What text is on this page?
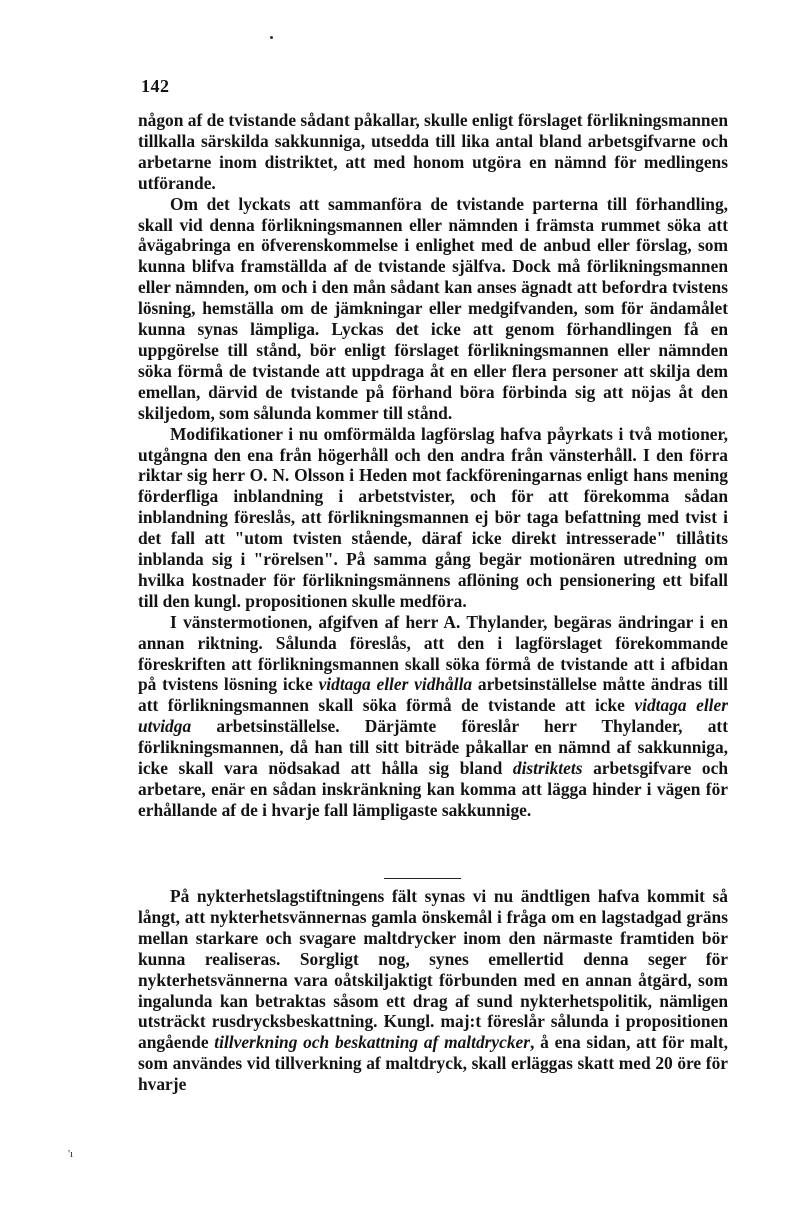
142

någon af de tvistande sådant påkallar, skulle enligt förslaget förlikningsmannen tillkalla särskilda sakkunniga, utsedda till lika antal bland arbetsgifvarne och arbetarne inom distriktet, att med honom utgöra en nämnd för medlingens utförande.

Om det lyckats att sammanföra de tvistande parterna till förhandling, skall vid denna förlikningsmannen eller nämnden i främsta rummet söka att åvägabringa en öfverenskommelse i enlighet med de anbud eller förslag, som kunna blifva framställda af de tvistande själfva. Dock må förlikningsmannen eller nämnden, om och i den mån sådant kan anses ägnadt att befordra tvistens lösning, hemställa om de jämkningar eller medgifvanden, som för ändamålet kunna synas lämpliga. Lyckas det icke att genom förhandlingen få en uppgörelse till stånd, bör enligt förslaget förlikningsmannen eller nämnden söka förmå de tvistande att uppdraga åt en eller flera personer att skilja dem emellan, därvid de tvistande på förhand böra förbinda sig att nöjas åt den skiljedom, som sålunda kommer till stånd.

Modifikationer i nu omförmälda lagförslag hafva påyrkats i två motioner, utgångna den ena från högerhåll och den andra från vänsterhåll. I den förra riktar sig herr O. N. Olsson i Heden mot fackföreningarnas enligt hans mening förderfliga inblandning i arbetstvister, och för att förekomma sådan inblandning föreslås, att förlikningsmannen ej bör taga befattning med tvist i det fall att "utom tvisten stående, däraf icke direkt intresserade" tillåtits inblanda sig i "rörelsen". På samma gång begär motionären utredning om hvilka kostnader för förlikningsmännens aflöning och pensionering ett bifall till den kungl. propositionen skulle medföra.

I vänstermotionen, afgifven af herr A. Thylander, begäras ändringar i en annan riktning. Sålunda föreslås, att den i lagförslaget förekommande föreskriften att förlikningsmannen skall söka förmå de tvistande att i afbidan på tvistens lösning icke vidtaga eller vidhålla arbetsinställelse måtte ändras till att förlikningsmannen skall söka förmå de tvistande att icke vidtaga eller utvidga arbetsinställelse. Därjämte föreslår herr Thylander, att förlikningsmannen, då han till sitt biträde påkallar en nämnd af sakkunniga, icke skall vara nödsakad att hålla sig bland distriktets arbetsgifvare och arbetare, enär en sådan inskränkning kan komma att lägga hinder i vägen för erhållande af de i hvarje fall lämpligaste sakkunnige.

På nykterhetslagstiftningens fält synas vi nu ändtligen hafva kommit så långt, att nykterhetsvännernas gamla önskemål i fråga om en lagstadgad gräns mellan starkare och svagare maltdrycker inom den närmaste framtiden bör kunna realiseras. Sorgligt nog, synes emellertid denna seger för nykterhetsvännerna vara oåtskiljaktigt förbunden med en annan åtgärd, som ingalunda kan betraktas såsom ett drag af sund nykterhetspolitik, nämligen utsträckt rusdrycksbeskattning. Kungl. maj:t föreslår sålunda i propositionen angående tillverkning och beskattning af maltdrycker, å ena sidan, att för malt, som användes vid tillverkning af maltdryck, skall erläggas skatt med 20 öre för hvarje

'ı
